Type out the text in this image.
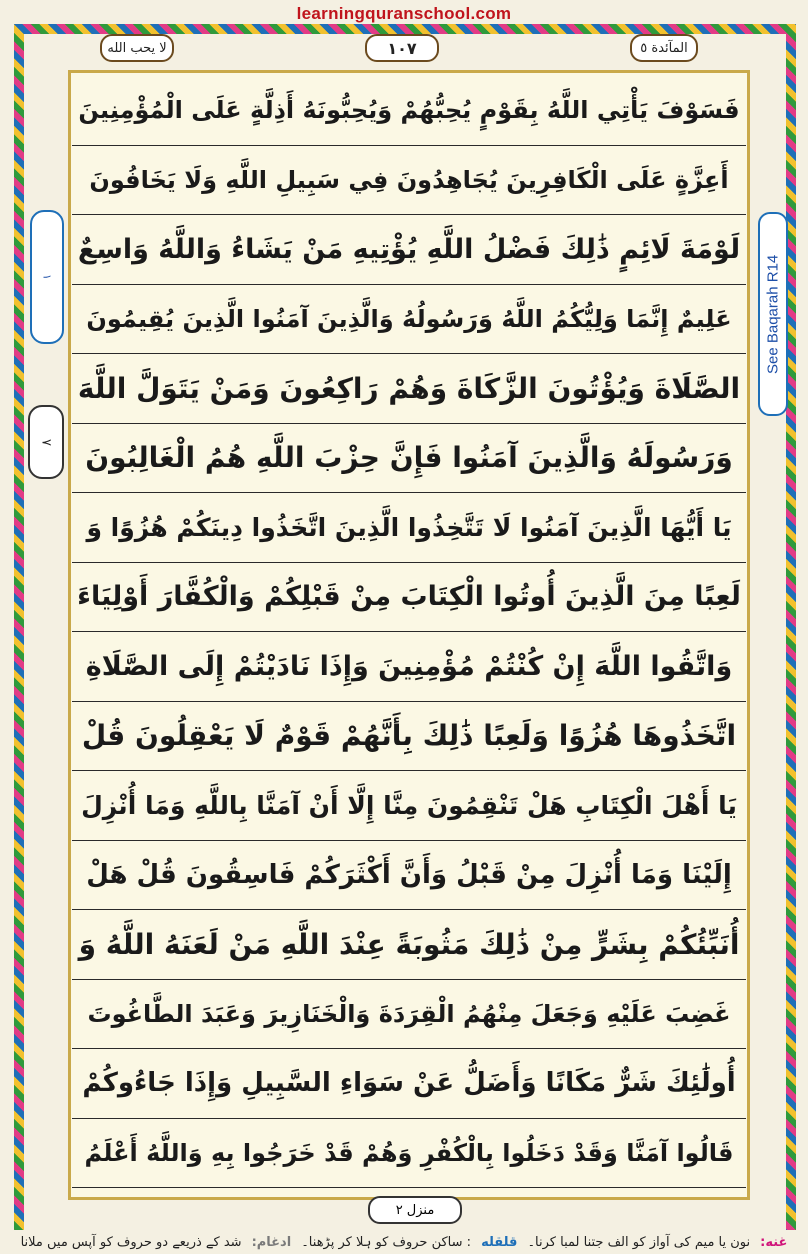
learningquranschool.com
لا يحب الله	١٠٧	المآئدة ٥
١
٧
See Baqarah R14
فَسَوْفَ يَأْتِي اللَّهُ بِقَوْمٍ يُحِبُّهُمْ وَيُحِبُّونَهُ أَذِلَّةٍ عَلَى الْمُؤْمِنِينَ
أَعِزَّةٍ عَلَى الْكَافِرِينَ يُجَاهِدُونَ فِي سَبِيلِ اللَّهِ وَلَا يَخَافُونَ
لَوْمَةَ لَائِمٍ ذَٰلِكَ فَضْلُ اللَّهِ يُؤْتِيهِ مَنْ يَشَاءُ وَاللَّهُ وَاسِعٌ
عَلِيمٌ إِنَّمَا وَلِيُّكُمُ اللَّهُ وَرَسُولُهُ وَالَّذِينَ آمَنُوا الَّذِينَ يُقِيمُونَ
الصَّلَاةَ وَيُؤْتُونَ الزَّكَاةَ وَهُمْ رَاكِعُونَ وَمَنْ يَتَوَلَّ اللَّهَ
وَرَسُولَهُ وَالَّذِينَ آمَنُوا فَإِنَّ حِزْبَ اللَّهِ هُمُ الْغَالِبُونَ
يَا أَيُّهَا الَّذِينَ آمَنُوا لَا تَتَّخِذُوا الَّذِينَ اتَّخَذُوا دِينَكُمْ هُزُوًا وَ
لَعِبًا مِنَ الَّذِينَ أُوتُوا الْكِتَابَ مِنْ قَبْلِكُمْ وَالْكُفَّارَ أَوْلِيَاءَ
وَاتَّقُوا اللَّهَ إِنْ كُنْتُمْ مُؤْمِنِينَ وَإِذَا نَادَيْتُمْ إِلَى الصَّلَاةِ
اتَّخَذُوهَا هُزُوًا وَلَعِبًا ذَٰلِكَ بِأَنَّهُمْ قَوْمٌ لَا يَعْقِلُونَ قُلْ
يَا أَهْلَ الْكِتَابِ هَلْ تَنْقِمُونَ مِنَّا إِلَّا أَنْ آمَنَّا بِاللَّهِ وَمَا أُنْزِلَ
إِلَيْنَا وَمَا أُنْزِلَ مِنْ قَبْلُ وَأَنَّ أَكْثَرَكُمْ فَاسِقُونَ قُلْ هَلْ
أُنَبِّئُكُمْ بِشَرٍّ مِنْ ذَٰلِكَ مَثُوبَةً عِنْدَ اللَّهِ مَنْ لَعَنَهُ اللَّهُ وَ
غَضِبَ عَلَيْهِ وَجَعَلَ مِنْهُمُ الْقِرَدَةَ وَالْخَنَازِيرَ وَعَبَدَ الطَّاغُوتَ
أُولَٰئِكَ شَرٌّ مَكَانًا وَأَضَلُّ عَنْ سَوَاءِ السَّبِيلِ وَإِذَا جَاءُوكُمْ
قَالُوا آمَنَّا وَقَدْ دَخَلُوا بِالْكُفْرِ وَهُمْ قَدْ خَرَجُوا بِهِ وَاللَّهُ أَعْلَمُ
منزل ٢
غنه:
نون یا میم کی آواز کو الف جتنا لمبا کرنا۔
قلقله
: ساکن حروف کو ہلا کر پڑھنا۔
ادغام:
شد کے ذریعے دو حروف کو آپس میں ملانا
